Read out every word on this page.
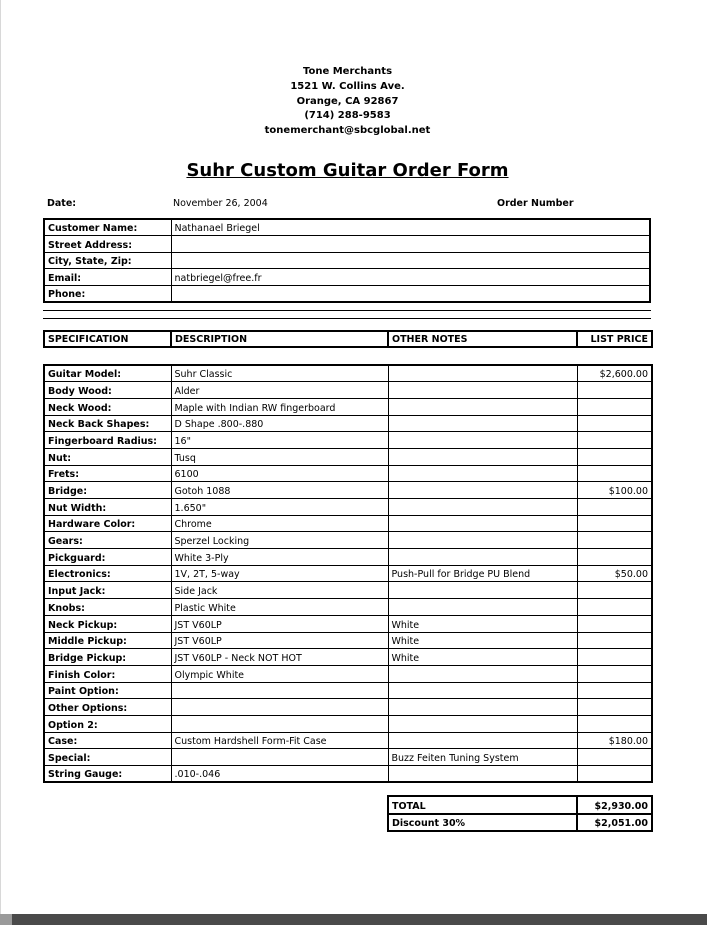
Tone Merchants
1521 W. Collins Ave.
Orange, CA 92867
(714) 288-9583
tonemerchant@sbcglobal.net
Suhr Custom Guitar Order Form
Date:	November 26, 2004	Order Number
Customer Name:	Nathanael Briegel
Street Address:	
City, State, Zip:	
Email:	natbriegel@free.fr
Phone:	
SPECIFICATION	DESCRIPTION	OTHER NOTES	LIST PRICE
Guitar Model:	Suhr Classic		$2,600.00
Body Wood:	Alder		
Neck Wood:	Maple with Indian RW fingerboard		
Neck Back Shapes:	D Shape .800-.880		
Fingerboard Radius:	16"		
Nut:	Tusq		
Frets:	6100		
Bridge:	Gotoh 1088		$100.00
Nut Width:	1.650"		
Hardware Color:	Chrome		
Gears:	Sperzel Locking		
Pickguard:	White 3-Ply		
Electronics:	1V, 2T, 5-way	Push-Pull for Bridge PU Blend	$50.00
Input Jack:	Side Jack		
Knobs:	Plastic White		
Neck Pickup:	JST V60LP	White	
Middle Pickup:	JST V60LP	White	
Bridge Pickup:	JST V60LP - Neck NOT HOT	White	
Finish Color:	Olympic White		
Paint Option:			
Other Options:			
Option 2:			
Case:	Custom Hardshell Form-Fit Case		$180.00
Special:		Buzz Feiten Tuning System	
String Gauge:	.010-.046		
TOTAL	$2,930.00
Discount 30%	$2,051.00
